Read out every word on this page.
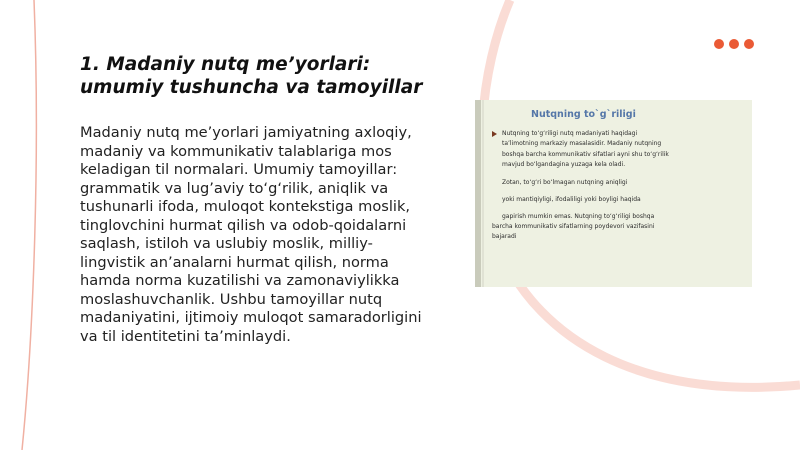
1. Madaniy nutq me’yorlari: umumiy tushuncha va tamoyillar
Madaniy nutq me’yorlari jamiyatning axloqiy, madaniy va kommunikativ talablariga mos keladigan til normalari. Umumiy tamoyillar: grammatik va lug’aviy to‘g‘rilik, aniqlik va tushunarli ifoda, muloqot kontekstiga moslik, tinglovchini hurmat qilish va odob-qoidalarni saqlash, istiloh va uslubiy moslik, milliy-lingvistik an’analarni hurmat qilish, norma hamda norma kuzatilishi va zamonaviylikka moslashuvchanlik. Ushbu tamoyillar nutq madaniyatini, ijtimoiy muloqot samaradorligini va til identitetini ta’minlaydi.
Nutqning to`g`riligi
Nutqning to‘g‘riligi nutq madaniyati haqidagi
ta’limotning markaziy masalasidir. Madaniy nutqning
boshqa barcha kommunikativ sifatlari ayni shu to‘g‘rilik
mavjud bo‘lgandagina yuzaga kela oladi.
Zotan, to‘g‘ri bo‘lmagan nutqning aniqligi
yoki mantiqiyligi, ifodaliligi yoki boyligi haqida
gapirish mumkin emas. Nutqning to‘g‘riligi boshqa
barcha kommunikativ sifatlarning poydevori vazifasini
bajaradi
